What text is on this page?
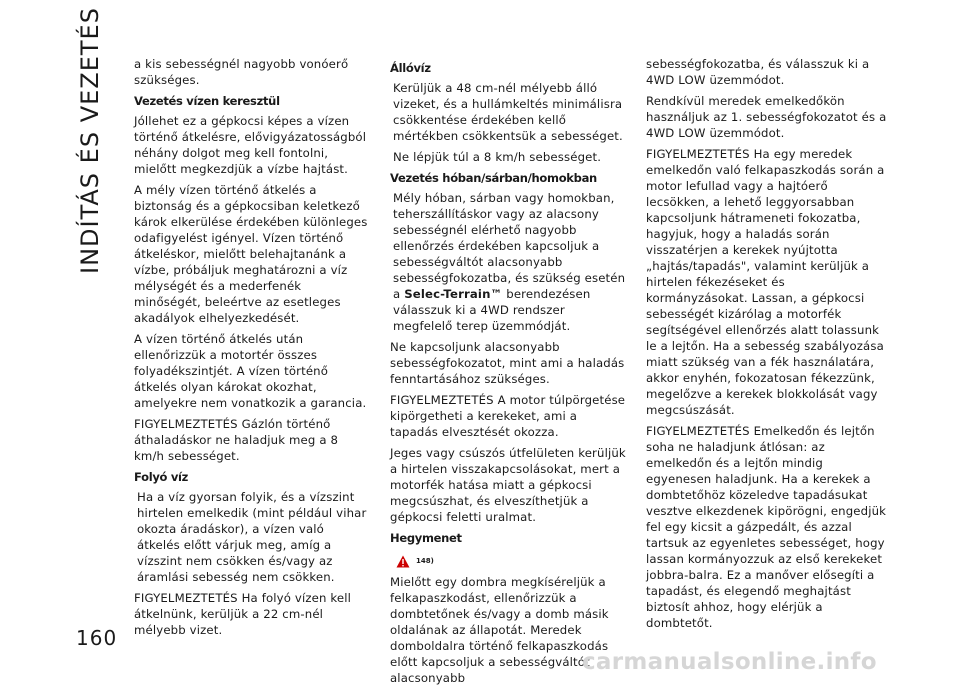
INDÍTÁS ÉS VEZETÉS	a kis sebességnél nagyobb vonóerő szükséges.

Vezetés vízen keresztül

Jóllehet ez a gépkocsi képes a vízen történő átkelésre, elővigyázatosságból néhány dolgot meg kell fontolni, mielőtt megkezdjük a vízbe hajtást.

A mély vízen történő átkelés a biztonság és a gépkocsiban keletkező károk elkerülése érdekében különleges odafigyelést igényel. Vízen történő átkeléskor, mielőtt belehajtanánk a vízbe, próbáljuk meghatározni a víz mélységét és a mederfenék minőségét, beleértve az esetleges akadályok elhelyezkedését.

A vízen történő átkelés után ellenőrizzük a motortér összes folyadékszintjét. A vízen történő átkelés olyan károkat okozhat, amelyekre nem vonatkozik a garancia.

FIGYELMEZTETÉS Gázlón történő áthaladáskor ne haladjuk meg a 8 km/h sebességet.

Folyó víz

Ha a víz gyorsan folyik, és a vízszint hirtelen emelkedik (mint például vihar okozta áradáskor), a vízen való átkelés előtt várjuk meg, amíg a vízszint nem csökken és/vagy az áramlási sebesség nem csökken.

FIGYELMEZTETÉS Ha folyó vízen kell átkelnünk, kerüljük a 22 cm-nél mélyebb vizet.

Állóvíz

Kerüljük a 48 cm-nél mélyebb álló vizeket, és a hullámkeltés minimálisra csökkentése érdekében kellő mértékben csökkentsük a sebességet.

Ne lépjük túl a 8 km/h sebességet.

Vezetés hóban/sárban/homokban

Mély hóban, sárban vagy homokban, teherszállításkor vagy az alacsony sebességnél elérhető nagyobb ellenőrzés érdekében kapcsoljuk a sebességváltót alacsonyabb sebességfokozatba, és szükség esetén a Selec-Terrain™ berendezésen válasszuk ki a 4WD rendszer megfelelő terep üzemmódját.

Ne kapcsoljunk alacsonyabb sebességfokozatot, mint ami a haladás fenntartásához szükséges.

FIGYELMEZTETÉS A motor túlpörgetése kipörgetheti a kerekeket, ami a tapadás elvesztését okozza.

Jeges vagy csúszós útfelületen kerüljük a hirtelen visszakapcsolásokat, mert a motorfék hatása miatt a gépkocsi megcsúszhat, és elveszíthetjük a gépkocsi feletti uralmat.

Hegymenet
148)

Mielőtt egy dombra megkíséreljük a felkapaszkodást, ellenőrizzük a dombtetőnek és/vagy a domb másik oldalának az állapotát. Meredek domboldalra történő felkapaszkodás előtt kapcsoljuk a sebességváltót alacsonyabb

sebességfokozatba, és válasszuk ki a 4WD LOW üzemmódot.

Rendkívül meredek emelkedőkön használjuk az 1. sebességfokozatot és a 4WD LOW üzemmódot.

FIGYELMEZTETÉS Ha egy meredek emelkedőn való felkapaszkodás során a motor lefullad vagy a hajtóerő lecsökken, a lehető leggyorsabban kapcsoljunk hátrameneti fokozatba, hagyjuk, hogy a haladás során visszatérjen a kerekek nyújtotta „hajtás/tapadás", valamint kerüljük a hirtelen fékezéseket és kormányzásokat. Lassan, a gépkocsi sebességét kizárólag a motorfék segítségével ellenőrzés alatt tolassunk le a lejtőn. Ha a sebesség szabályozása miatt szükség van a fék használatára, akkor enyhén, fokozatosan fékezzünk, megelőzve a kerekek blokkolását vagy megcsúszását.

FIGYELMEZTETÉS Emelkedőn és lejtőn soha ne haladjunk átlósan: az emelkedőn és a lejtőn mindig egyenesen haladjunk. Ha a kerekek a dombtetőhöz közeledve tapadásukat vesztve elkezdenek kipörögni, engedjük fel egy kicsit a gázpedált, és azzal tartsuk az egyenletes sebességet, hogy lassan kormányozzuk az első kerekeket jobbra-balra. Ez a manőver elősegíti a tapadást, és elegendő meghajtást biztosít ahhoz, hogy elérjük a dombtetőt.

160
carmanualsonline.info
